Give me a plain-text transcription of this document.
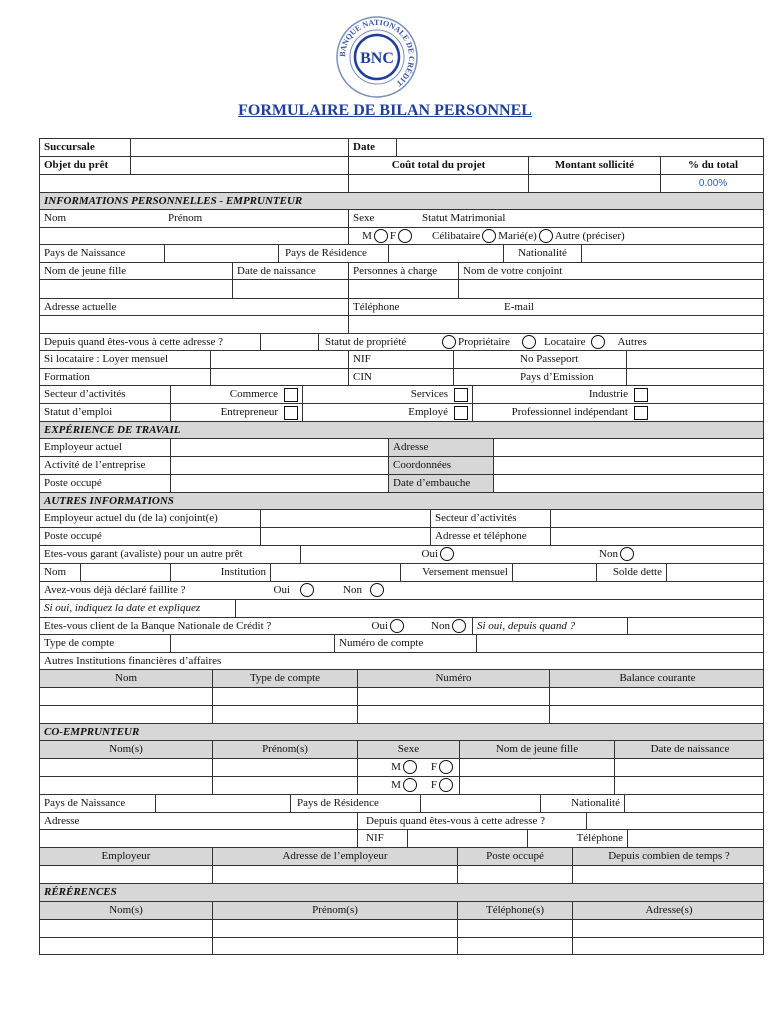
BNC
BANQUE NATIONALE DE CRÉDIT
FORMULAIRE DE BILAN PERSONNEL
Succursale	Date
Objet du prêt	Coût total du projet	Montant sollicité	% du total
0.00%
INFORMATIONS PERSONNELLES - EMPRUNTEUR
Nom	Prénom	Sexe	Statut Matrimonial
M F	Célibataire Marié(e) Autre (préciser)
Pays de Naissance	Pays de Résidence	Nationalité
Nom de jeune fille	Date de naissance	Personnes à charge	Nom de votre conjoint
Adresse actuelle	Téléphone	E-mail
Depuis quand êtes-vous à cette adresse ?	Statut de propriété	Propriétaire	Locataire	Autres
Si locataire : Loyer mensuel	NIF	No Passeport
Formation	CIN	Pays d’Emission
Secteur d’activités	Commerce	Services	Industrie
Statut d’emploi	Entrepreneur	Employé	Professionnel indépendant
EXPÉRIENCE DE TRAVAIL
Employeur actuel	Adresse
Activité de l’entreprise	Coordonnées
Poste occupé	Date d’embauche
AUTRES INFORMATIONS
Employeur actuel du (de la) conjoint(e)	Secteur d’activités
Poste occupé	Adresse et téléphone
Etes-vous garant (avaliste) pour un autre prêt	Oui	Non
Nom	Institution	Versement mensuel	Solde dette
Avez-vous déjà déclaré faillite ?	Oui	Non
Si oui, indiquez la date et expliquez
Etes-vous client de la Banque Nationale de Crédit ?	Oui	Non	Si oui, depuis quand ?
Type de compte	Numéro de compte
Autres Institutions financières d’affaires
Nom	Type de compte	Numéro	Balance courante
CO-EMPRUNTEUR
Nom(s)	Prénom(s)	Sexe	Nom de jeune fille	Date de naissance
M	F
M	F
Pays de Naissance	Pays de Résidence	Nationalité
Adresse	Depuis quand êtes-vous à cette adresse ?
NIF	Téléphone
Employeur	Adresse de l’employeur	Poste occupé	Depuis combien de temps ?
RÉRÉRENCES
Nom(s)	Prénom(s)	Téléphone(s)	Adresse(s)
